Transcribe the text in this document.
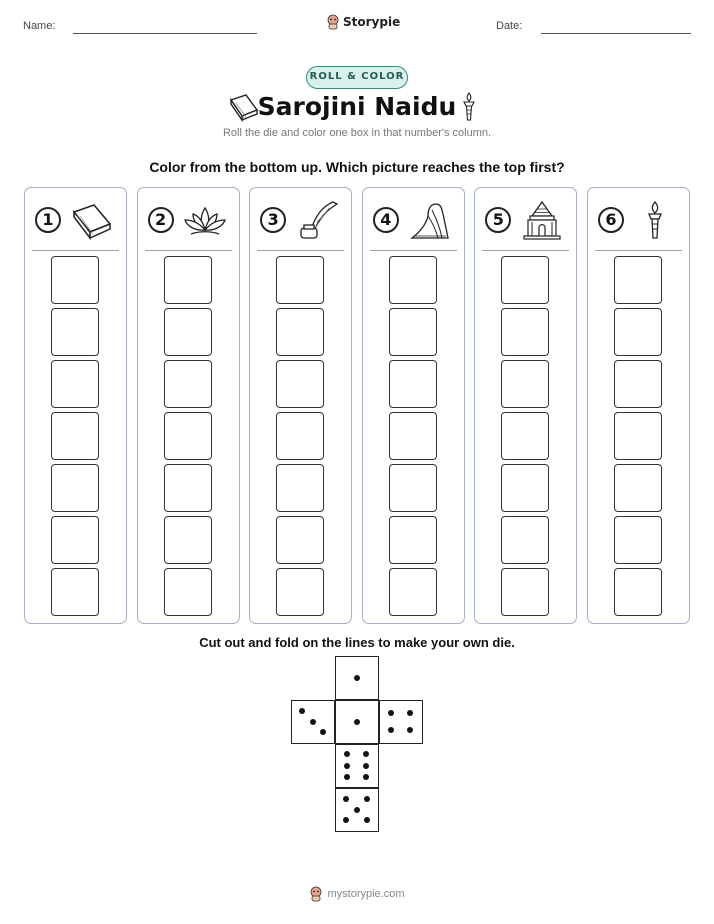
Name:	Storypie	Date:
ROLL & COLOR
Sarojini Naidu
Roll the die and color one box in that number's column.
Color from the bottom up. Which picture reaches the top first?
1	2	3	4	5	6
Cut out and fold on the lines to make your own die.
mystorypie.com
